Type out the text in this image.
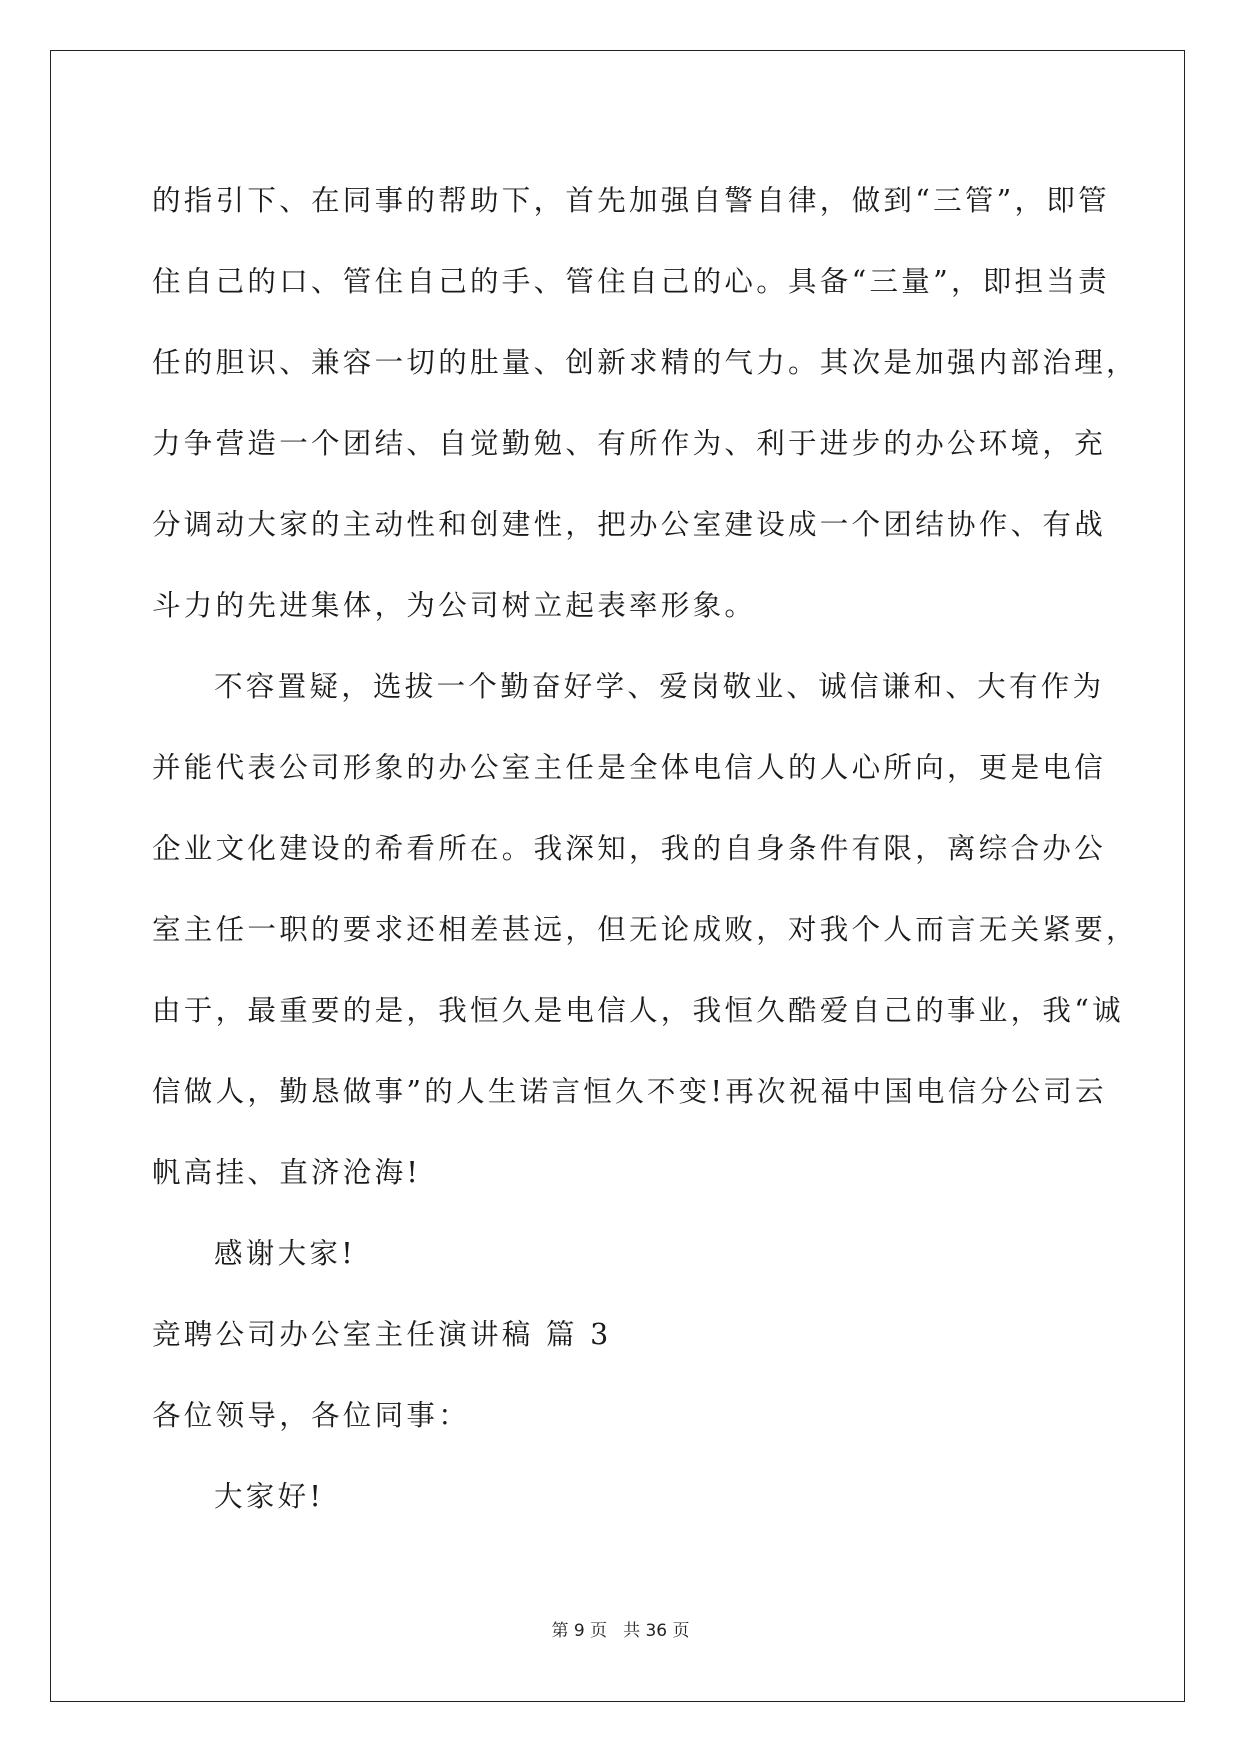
的指引下、在同事的帮助下，首先加强自警自律，做到“三管”，即管
住自己的口、管住自己的手、管住自己的心。具备“三量”，即担当责
任的胆识、兼容一切的肚量、创新求精的气力。其次是加强内部治理，
力争营造一个团结、自觉勤勉、有所作为、利于进步的办公环境，充
分调动大家的主动性和创建性，把办公室建设成一个团结协作、有战
斗力的先进集体，为公司树立起表率形象。
不容置疑，选拔一个勤奋好学、爱岗敬业、诚信谦和、大有作为
并能代表公司形象的办公室主任是全体电信人的人心所向，更是电信
企业文化建设的希看所在。我深知，我的自身条件有限，离综合办公
室主任一职的要求还相差甚远，但无论成败，对我个人而言无关紧要，
由于，最重要的是，我恒久是电信人，我恒久酷爱自己的事业，我“诚
信做人，勤恳做事”的人生诺言恒久不变!再次祝福中国电信分公司云
帆高挂、直济沧海!
感谢大家!
竞聘公司办公室主任演讲稿 篇 3
各位领导，各位同事：
大家好!
第 9 页 共 36 页
